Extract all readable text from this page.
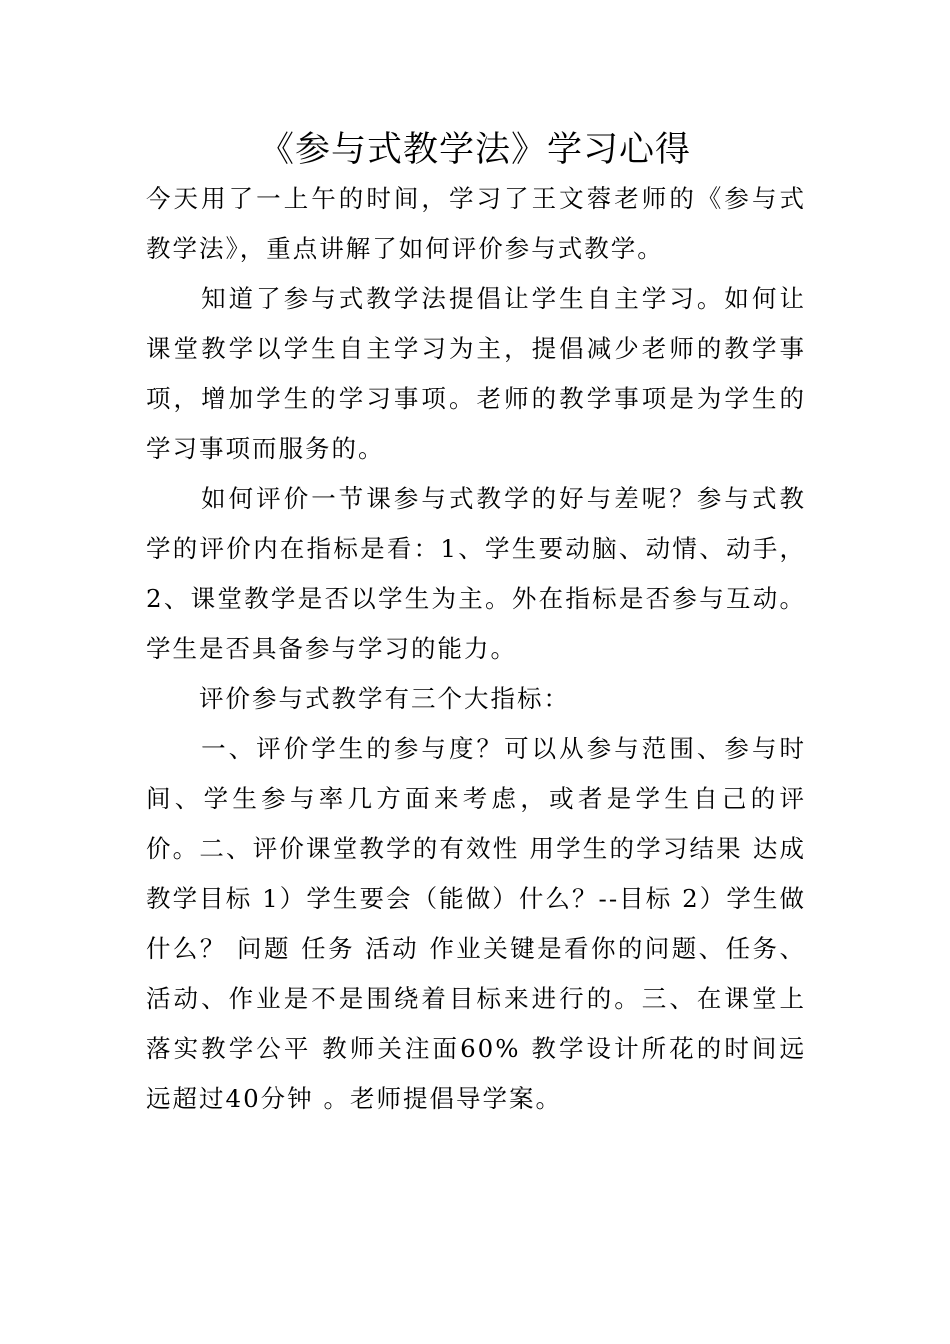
《参与式教学法》学习心得

今天用了一上午的时间，学习了王文蓉老师的《参与式教学法》，重点讲解了如何评价参与式教学。

　　知道了参与式教学法提倡让学生自主学习。如何让课堂教学以学生自主学习为主，提倡减少老师的教学事项，增加学生的学习事项。老师的教学事项是为学生的学习事项而服务的。

　　如何评价一节课参与式教学的好与差呢？参与式教学的评价内在指标是看：1、学生要动脑、动情、动手，2、课堂教学是否以学生为主。外在指标是否参与互动。 学生是否具备参与学习的能力。

　　评价参与式教学有三个大指标：

　　一、评价学生的参与度？可以从参与范围、参与时间、学生参与率几方面来考虑，或者是学生自己的评价。二、评价课堂教学的有效性 用学生的学习结果 达成教学目标 1）学生要会（能做）什么？--目标 2）学生做什么？ 问题 任务 活动 作业关键是看你的问题、任务、活动、作业是不是围绕着目标来进行的。三、在课堂上落实教学公平 教师关注面60% 教学设计所花的时间远远超过40分钟 。老师提倡导学案。
